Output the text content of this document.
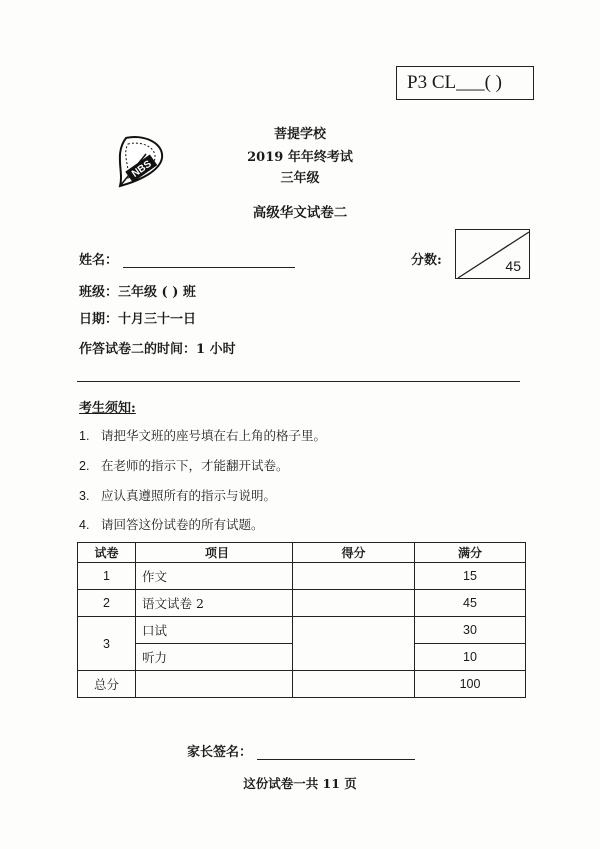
P3 CL___( )
NBS
菩提学校
2019 年年终考试
三年级
高级华文试卷二
姓名：
班级：三年级 ( ) 班
日期：十月三十一日
作答试卷二的时间：1 小时
分数:	45
考生须知:
1. 请把华文班的座号填在右上角的格子里。
2. 在老师的指示下，才能翻开试卷。
3. 应认真遵照所有的指示与说明。
4. 请回答这份试卷的所有试题。
试卷	项目	得分	满分
1	作文		15
2	语文试卷 2		45
3	口试		30
	听力		10
总分			100
家长签名：
这份试卷一共 11 页
